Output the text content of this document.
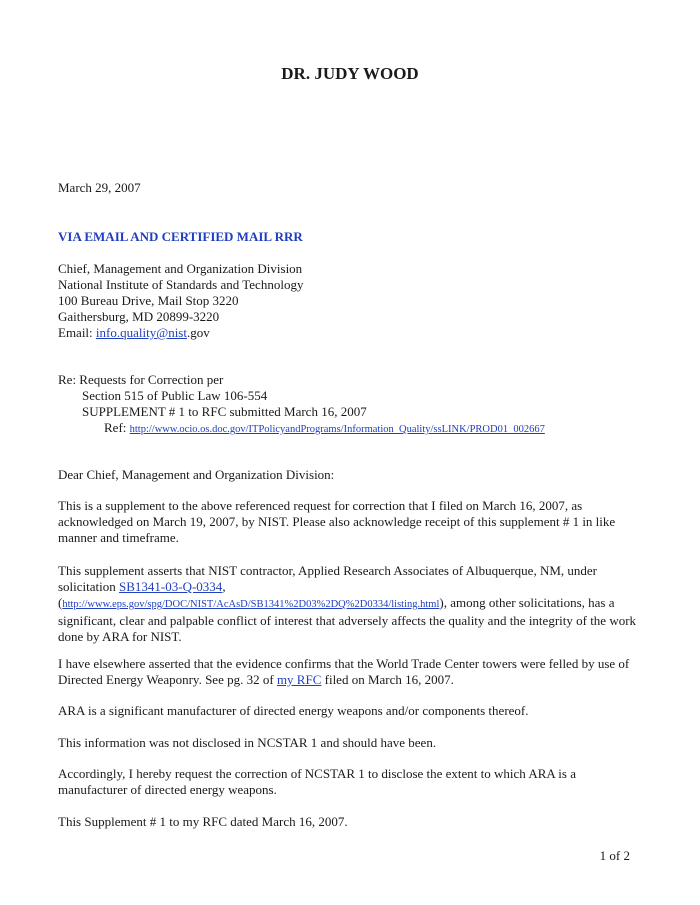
DR. JUDY WOOD
March 29, 2007
VIA EMAIL AND CERTIFIED MAIL RRR
Chief, Management and Organization Division
National Institute of Standards and Technology
100 Bureau Drive, Mail Stop 3220
Gaithersburg, MD 20899-3220
Email: info.quality@nist.gov
Re: Requests for Correction per
Section 515 of Public Law 106-554
SUPPLEMENT # 1 to RFC submitted March 16, 2007
Ref: http://www.ocio.os.doc.gov/ITPolicyandPrograms/Information_Quality/ssLINK/PROD01_002667
Dear Chief, Management and Organization Division:
This is a supplement to the above referenced request for correction that I filed on March 16, 2007, as acknowledged on March 19, 2007, by NIST. Please also acknowledge receipt of this supplement # 1 in like manner and timeframe.
This supplement asserts that NIST contractor, Applied Research Associates of Albuquerque, NM, under solicitation SB1341-03-Q-0334,
(http://www.eps.gov/spg/DOC/NIST/AcAsD/SB1341%2D03%2DQ%2D0334/listing.html), among other solicitations, has a significant, clear and palpable conflict of interest that adversely affects the quality and the integrity of the work done by ARA for NIST.
I have elsewhere asserted that the evidence confirms that the World Trade Center towers were felled by use of Directed Energy Weaponry. See pg. 32 of my RFC filed on March 16, 2007.
ARA is a significant manufacturer of directed energy weapons and/or components thereof.
This information was not disclosed in NCSTAR 1 and should have been.
Accordingly, I hereby request the correction of NCSTAR 1 to disclose the extent to which ARA is a manufacturer of directed energy weapons.
This Supplement # 1 to my RFC dated March 16, 2007.
1 of 2
